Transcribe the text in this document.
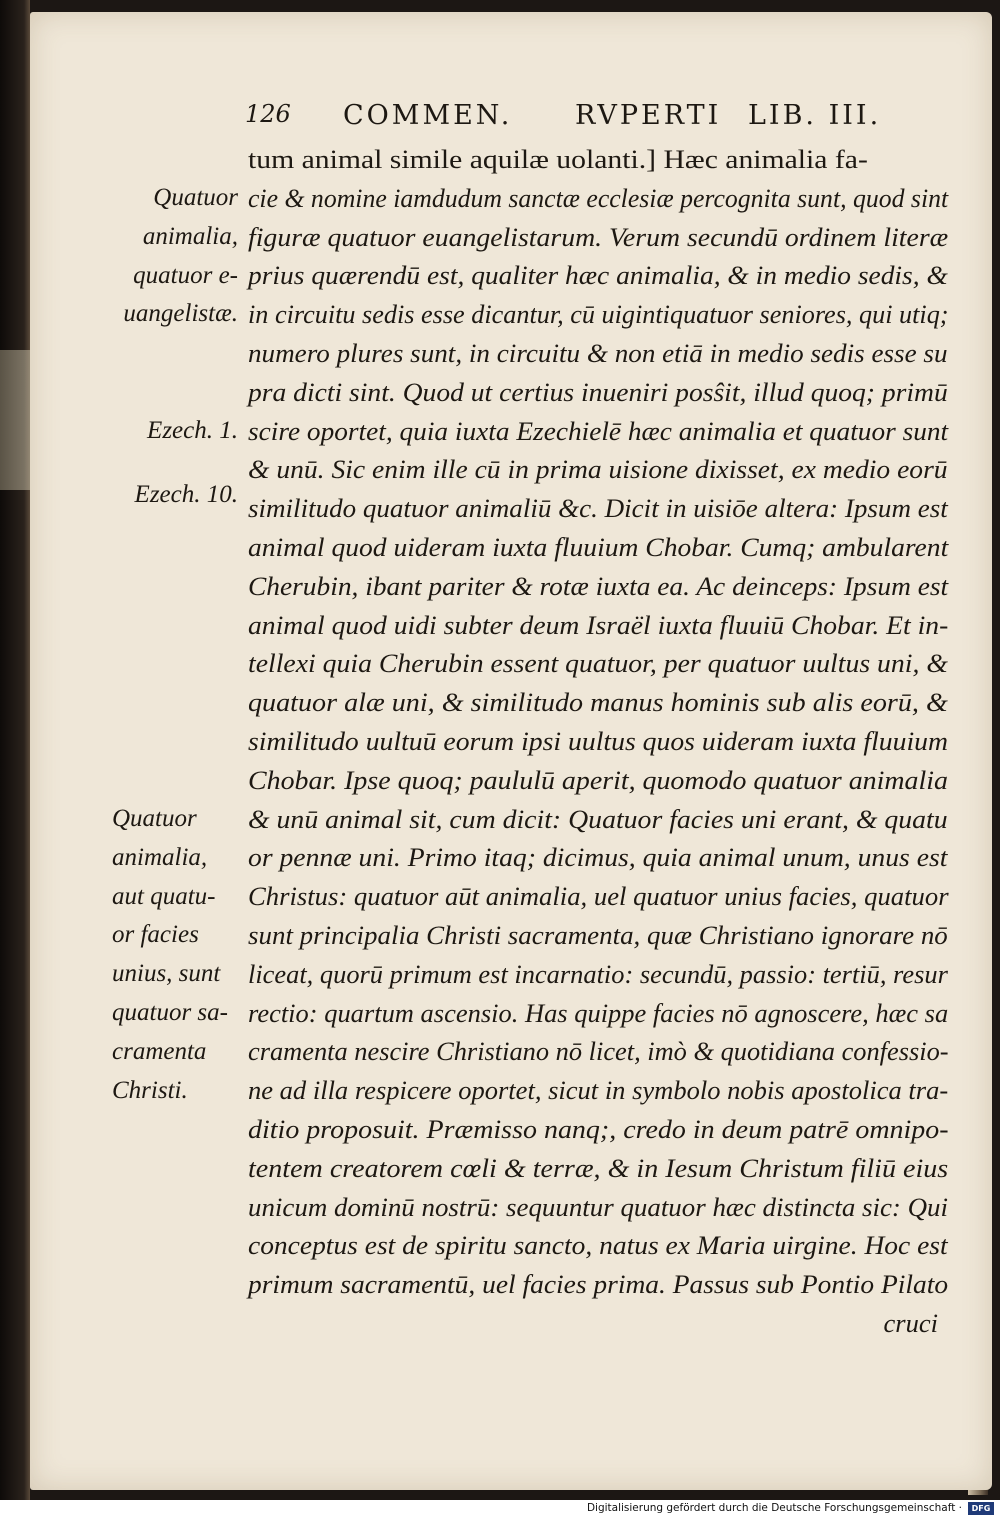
126 COMMEN. RVPERTI LIB. III.
Quatuor
animalia,
quatuor e-
uangelistæ.
Ezech. 1.
Ezech. 10.
Quatuor
animalia,
aut quatu-
or facies
unius, sunt
quatuor sa-
cramenta
Christi.
tum animal simile aquilæ uolanti.] Hæc animalia fa-
cie & nomine iamdudum sanctæ ecclesiæ percognita sunt, quod sint
figuræ quatuor euangelistarum. Verum secundū ordinem literæ
prius quærendū est, qualiter hæc animalia, & in medio sedis, &
in circuitu sedis esse dicantur, cū uigintiquatuor seniores, qui utiq;
numero plures sunt, in circuitu & non etiā in medio sedis esse su
pra dicti sint. Quod ut certius inueniri posŝit, illud quoq; primū
scire oportet, quia iuxta Ezechielē hæc animalia et quatuor sunt
& unū. Sic enim ille cū in prima uisione dixisset, ex medio eorū
similitudo quatuor animaliū &c. Dicit in uisiōe altera: Ipsum est
animal quod uideram iuxta fluuium Chobar. Cumq; ambularent
Cherubin, ibant pariter & rotæ iuxta ea. Ac deinceps: Ipsum est
animal quod uidi subter deum Israël iuxta fluuiū Chobar. Et in-
tellexi quia Cherubin essent quatuor, per quatuor uultus uni, &
quatuor alæ uni, & similitudo manus hominis sub alis eorū, &
similitudo uultuū eorum ipsi uultus quos uideram iuxta fluuium
Chobar. Ipse quoq; paululū aperit, quomodo quatuor animalia
& unū animal sit, cum dicit: Quatuor facies uni erant, & quatu
or pennæ uni. Primo itaq; dicimus, quia animal unum, unus est
Christus: quatuor aūt animalia, uel quatuor unius facies, quatuor
sunt principalia Christi sacramenta, quæ Christiano ignorare nō
liceat, quorū primum est incarnatio: secundū, passio: tertiū, resur
rectio: quartum ascensio. Has quippe facies nō agnoscere, hæc sa
cramenta nescire Christiano nō licet, imò & quotidiana confessio-
ne ad illa respicere oportet, sicut in symbolo nobis apostolica tra-
ditio proposuit. Præmisso nanq;, credo in deum patrē omnipo-
tentem creatorem cœli & terræ, & in Iesum Christum filiū eius
unicum dominū nostrū: sequuntur quatuor hæc distincta sic: Qui
conceptus est de spiritu sancto, natus ex Maria uirgine. Hoc est
primum sacramentū, uel facies prima. Passus sub Pontio Pilato
cruci
Digitalisierung gefördert durch die Deutsche Forschungsgemeinschaft ·	DFG
